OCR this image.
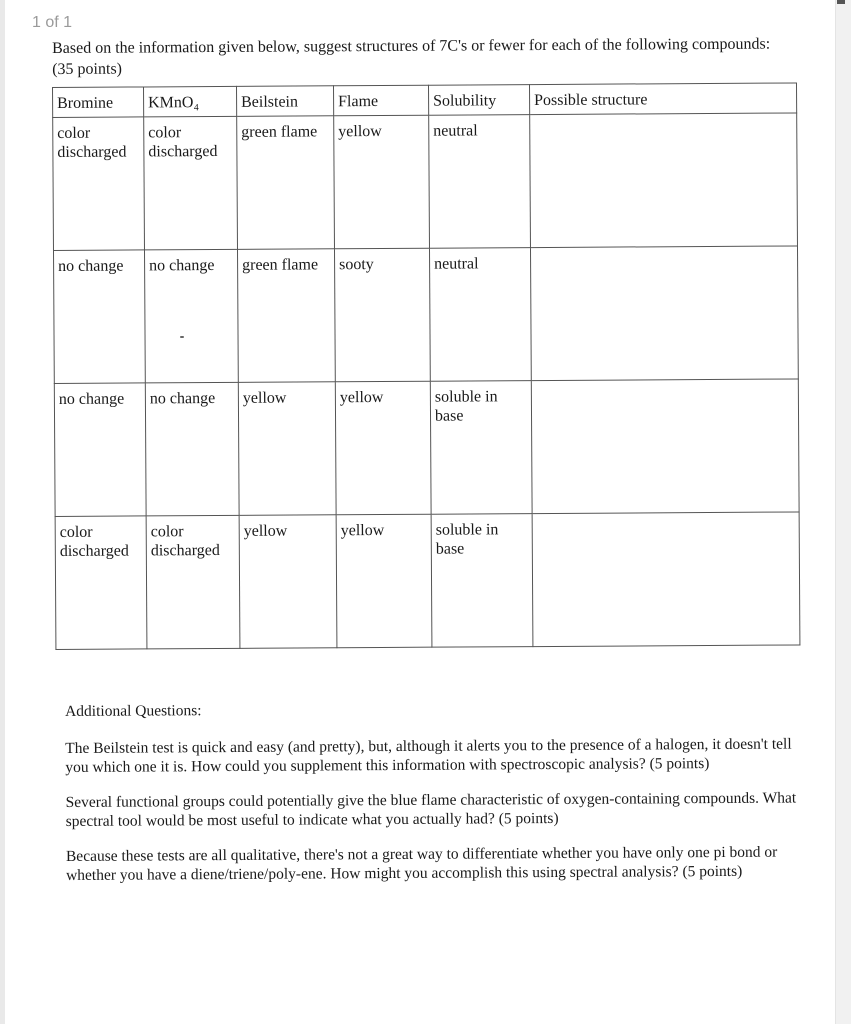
1 of 1
Based on the information given below, suggest structures of 7C's or fewer for each of the following compounds:
(35 points)
Bromine	KMnO₄	Beilstein	Flame	Solubility	Possible structure
color discharged	color discharged	green flame	yellow	neutral	
no change	no change	green flame	sooty	neutral	
no change	no change	yellow	yellow	soluble in base	
color discharged	color discharged	yellow	yellow	soluble in base	

Additional Questions:

The Beilstein test is quick and easy (and pretty), but, although it alerts you to the presence of a halogen, it doesn't tell you which one it is. How could you supplement this information with spectroscopic analysis? (5 points)

Several functional groups could potentially give the blue flame characteristic of oxygen-containing compounds. What spectral tool would be most useful to indicate what you actually had? (5 points)

Because these tests are all qualitative, there's not a great way to differentiate whether you have only one pi bond or whether you have a diene/triene/poly-ene. How might you accomplish this using spectral analysis? (5 points)
